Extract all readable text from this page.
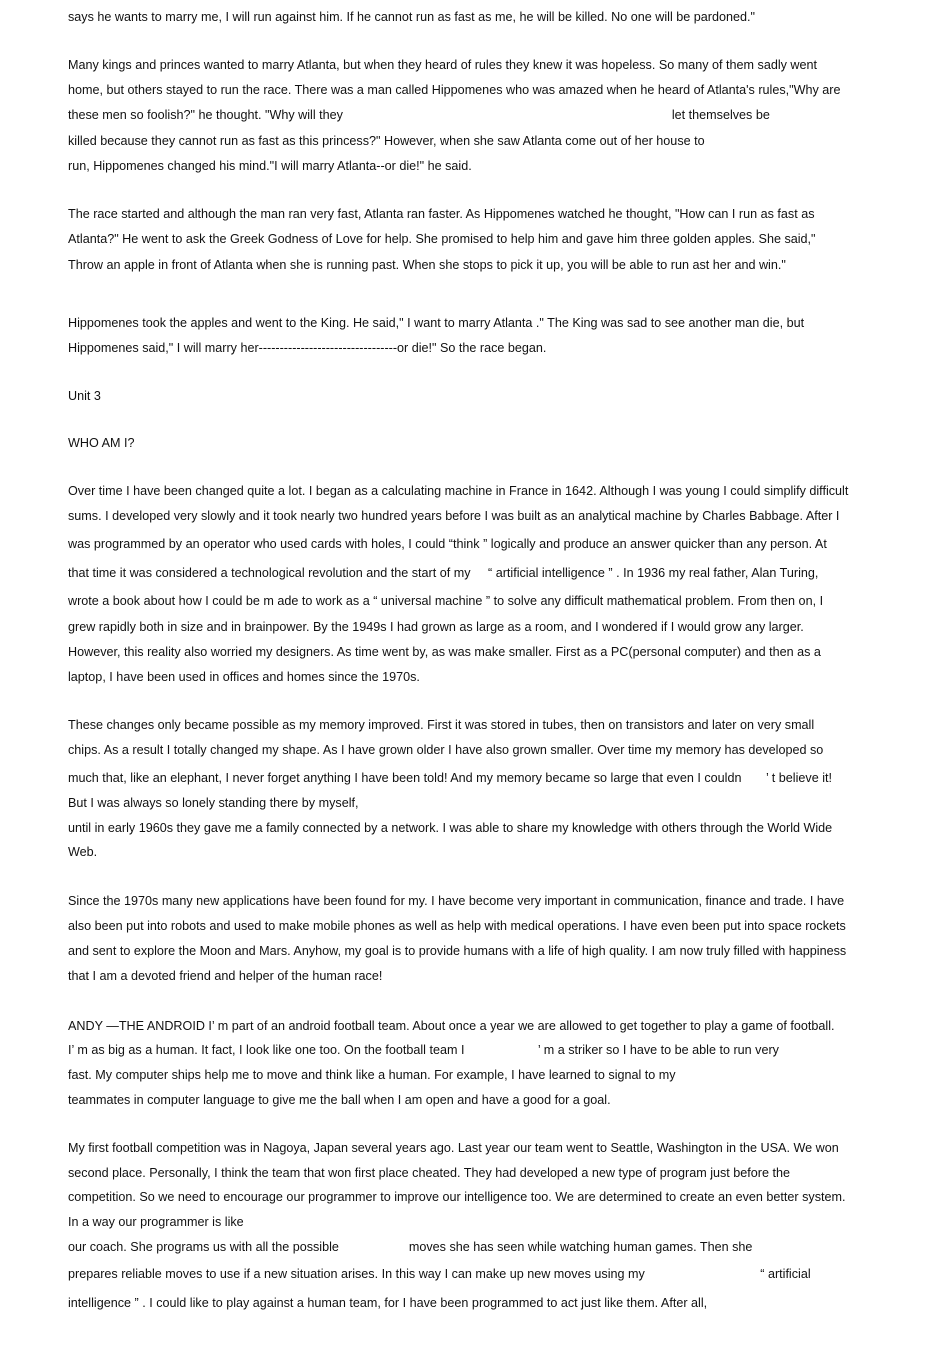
says he wants to marry me, I will run against him. If he cannot run as fast as me, he will be killed. No one will be pardoned."

Many kings and princes wanted to marry Atlanta, but when they heard of rules they knew it was hopeless. So many of them sadly went

home, but others stayed to run the race. There was a man called Hippomenes who was amazed when he heard of Atlanta's rules,"Why are

these men so foolish?" he thought. "Why will they                                                                                              let themselves be

killed because they cannot run as fast as this princess?" However, when she saw Atlanta come out of her house to

run, Hippomenes changed his mind."I will marry Atlanta--or die!" he said.

The race started and although the man ran very fast, Atlanta ran faster. As Hippomenes watched he thought, "How can I run as fast as

Atlanta?" He went to ask the Greek Godness of Love for help. She promised to help him and gave him three golden apples. She said,"

Throw an apple in front of Atlanta when she is running past. When she stops to pick it up, you will be able to run ast her and win."

Hippomenes took the apples and went to the King. He said," I want to marry Atlanta ." The King was sad to see another man die, but

Hippomenes said," I will marry her---------------------------------or die!" So the race began.

Unit 3

WHO AM I?

Over time I have been changed quite a lot. I began as a calculating machine in France in 1642. Although I was young I could simplify difficult

sums. I developed very slowly and it took nearly two hundred years before I was built as an analytical machine by Charles Babbage. After I

was programmed by an operator who used cards with holes, I could “think ” logically and produce an answer quicker than any person. At

that time it was considered a technological revolution and the start of my     “ artificial intelligence ” . In 1936 my real father, Alan Turing,

wrote a book about how I could be m ade to work as a “ universal machine ” to solve any difficult mathematical problem. From then on, I

grew rapidly both in size and in brainpower. By the 1949s I had grown as large as a room, and I wondered if I would grow any larger.

However, this reality also worried my designers. As time went by, as was make smaller. First as a PC(personal computer) and then as a

laptop, I have been used in offices and homes since the 1970s.

These changes only became possible as my memory improved. First it was stored in tubes, then on transistors and later on very small

chips. As a result I totally changed my shape. As I have grown older I have also grown smaller. Over time my memory has developed so

much that, like an elephant, I never forget anything I have been told! And my memory became so large that even I couldn       ’ t believe it!

But I was always so lonely standing there by myself,

until in early 1960s they gave me a family connected by a network. I was able to share my knowledge with others through the World Wide

Web.

Since the 1970s many new applications have been found for my. I have become very important in communication, finance and trade. I have

also been put into robots and used to make mobile phones as well as help with medical operations. I have even been put into space rockets

and sent to explore the Moon and Mars. Anyhow, my goal is to provide humans with a life of high quality. I am now truly filled with happiness

that I am a devoted friend and helper of the human race!

ANDY —THE ANDROID I’ m part of an android football team. About once a year we are allowed to get together to play a game of football.

I’ m as big as a human. It fact, I look like one too. On the football team I                     ’ m a striker so I have to be able to run very

fast. My computer ships help me to move and think like a human. For example, I have learned to signal to my

teammates in computer language to give me the ball when I am open and have a good for a goal.

My first football competition was in Nagoya, Japan several years ago. Last year our team went to Seattle, Washington in the USA. We won

second place. Personally, I think the team that won first place cheated. They had developed a new type of program just before the

competition. So we need to encourage our programmer to improve our intelligence too. We are determined to create an even better system.

In a way our programmer is like

our coach. She programs us with all the possible                    moves she has seen while watching human games. Then she

prepares reliable moves to use if a new situation arises. In this way I can make up new moves using my                                 “ artificial

intelligence ” . I could like to play against a human team, for I have been programmed to act just like them. After all,
